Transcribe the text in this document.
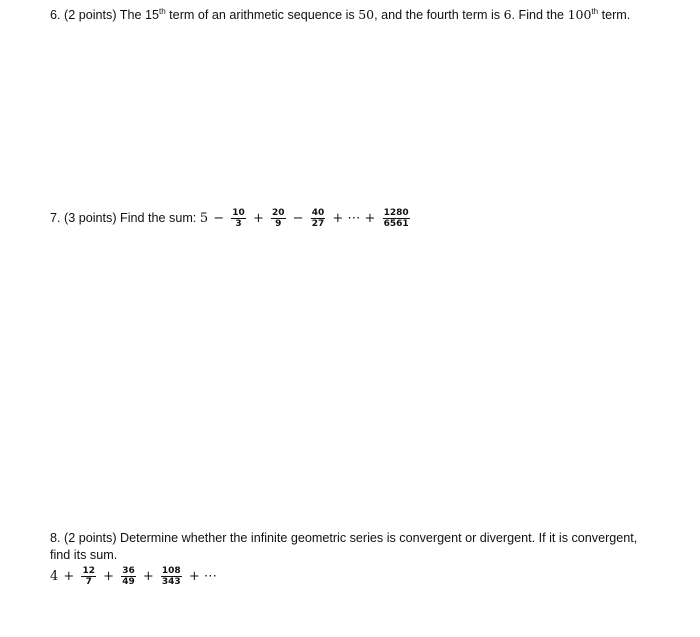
6. (2 points) The 15th term of an arithmetic sequence is 50, and the fourth term is 6. Find the 100th term.
7. (3 points) Find the sum: $5 - \frac{10}{3} + \frac{20}{9} - \frac{40}{27}$ + ⋯ + $\frac{1280}{6561}$
8. (2 points) Determine whether the infinite geometric series is convergent or divergent. If it is convergent,
find its sum.
$4 + \frac{12}{7} + \frac{36}{49} + \frac{108}{343}$ + ⋯
